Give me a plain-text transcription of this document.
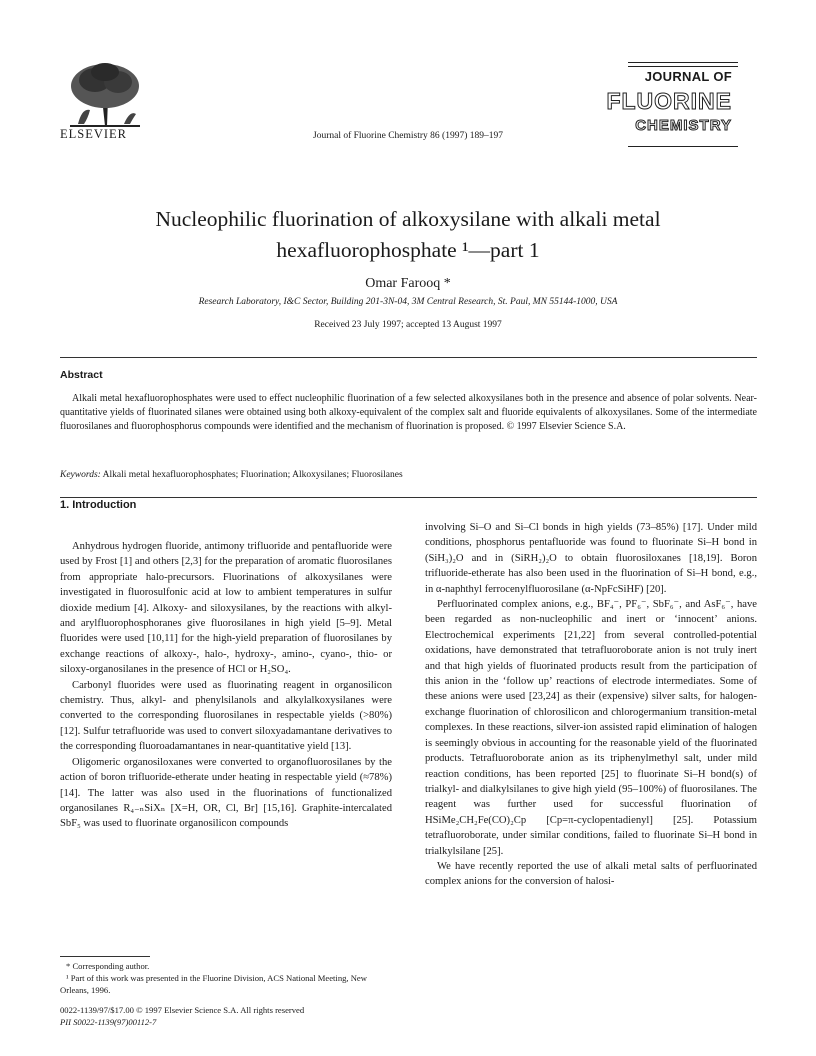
ELSEVIER	Journal of Fluorine Chemistry 86 (1997) 189–197
JOURNAL OF
FLUORINE
CHEMISTRY
Nucleophilic fluorination of alkoxysilane with alkali metal hexafluorophosphate ¹—part 1
Omar Farooq *
Research Laboratory, I&C Sector, Building 201-3N-04, 3M Central Research, St. Paul, MN 55144-1000, USA
Received 23 July 1997; accepted 13 August 1997
Abstract
Alkali metal hexafluorophosphates were used to effect nucleophilic fluorination of a few selected alkoxysilanes both in the presence and absence of polar solvents. Near-quantitative yields of fluorinated silanes were obtained using both alkoxy-equivalent of the complex salt and fluoride equivalents of alkoxysilanes. Some of the intermediate fluorosilanes and fluorophosphorus compounds were identified and the mechanism of fluorination is proposed. © 1997 Elsevier Science S.A.
Keywords: Alkali metal hexafluorophosphates; Fluorination; Alkoxysilanes; Fluorosilanes
1. Introduction

Anhydrous hydrogen fluoride, antimony trifluoride and pentafluoride were used by Frost [1] and others [2,3] for the preparation of aromatic fluorosilanes from appropriate halo-precursors. Fluorinations of alkoxysilanes were investigated in fluorosulfonic acid at low to ambient temperatures in sulfur dioxide medium [4]. Alkoxy- and siloxysilanes, by the reactions with alkyl- and arylfluorophosphoranes give fluorosilanes in high yield [5–9]. Metal fluorides were used [10,11] for the high-yield preparation of fluorosilanes by exchange reactions of alkoxy-, halo-, hydroxy-, amino-, cyano-, thio- or siloxy-organosilanes in the presence of HCl or H₂SO₄.

Carbonyl fluorides were used as fluorinating reagent in organosilicon chemistry. Thus, alkyl- and phenylsilanols and alkylalkoxysilanes were converted to the corresponding fluorosilanes in respectable yields (>80%) [12]. Sulfur tetrafluoride was used to convert siloxyadamantane derivatives to the corresponding fluoroadamantanes in near-quantitative yield [13].

Oligomeric organosiloxanes were converted to organofluorosilanes by the action of boron trifluoride-etherate under heating in respectable yield (≈78%) [14]. The latter was also used in the fluorinations of functionalized organosilanes R₄₋ₙSiXₙ [X=H, OR, Cl, Br] [15,16]. Graphite-intercalated SbF₅ was used to fluorinate organosilicon compounds

involving Si–O and Si–Cl bonds in high yields (73–85%) [17]. Under mild conditions, phosphorus pentafluoride was found to fluorinate Si–H bond in (SiH₃)₂O and in (SiRH₂)₂O to obtain fluorosiloxanes [18,19]. Boron trifluoride-etherate has also been used in the fluorination of Si–H bond, e.g., in α-naphthyl ferrocenylfluorosilane (α-NpFcSiHF) [20].

Perfluorinated complex anions, e.g., BF₄⁻, PF₆⁻, SbF₆⁻, and AsF₆⁻, have been regarded as non-nucleophilic and inert or ‘innocent’ anions. Electrochemical experiments [21,22] from several controlled-potential oxidations, have demonstrated that tetrafluoroborate anion is not truly inert and that high yields of fluorinated products result from the participation of this anion in the ‘follow up’ reactions of electrode intermediates. Some of these anions were used [23,24] as their (expensive) silver salts, for halogen-exchange fluorination of chlorosilicon and chlorogermanium transition-metal complexes. In these reactions, silver-ion assisted rapid elimination of halogen is seemingly obvious in accounting for the reasonable yield of the fluorinated products. Tetrafluoroborate anion as its triphenylmethyl salt, under mild reaction conditions, has been reported [25] to fluorinate Si–H bond(s) of trialkyl- and dialkylsilanes to give high yield (95–100%) of fluorosilanes. The reagent was further used for successful fluorination of HSiMe₂CH₂Fe(CO)₂Cp [Cp=π-cyclopentadienyl] [25]. Potassium tetrafluoroborate, under similar conditions, failed to fluorinate Si–H bond in trialkylsilane [25].

We have recently reported the use of alkali metal salts of perfluorinated complex anions for the conversion of halosi-

* Corresponding author.

¹ Part of this work was presented in the Fluorine Division, ACS National Meeting, New Orleans, 1996.

0022-1139/97/$17.00 © 1997 Elsevier Science S.A. All rights reserved
PII S0022-1139(97)00112-7
